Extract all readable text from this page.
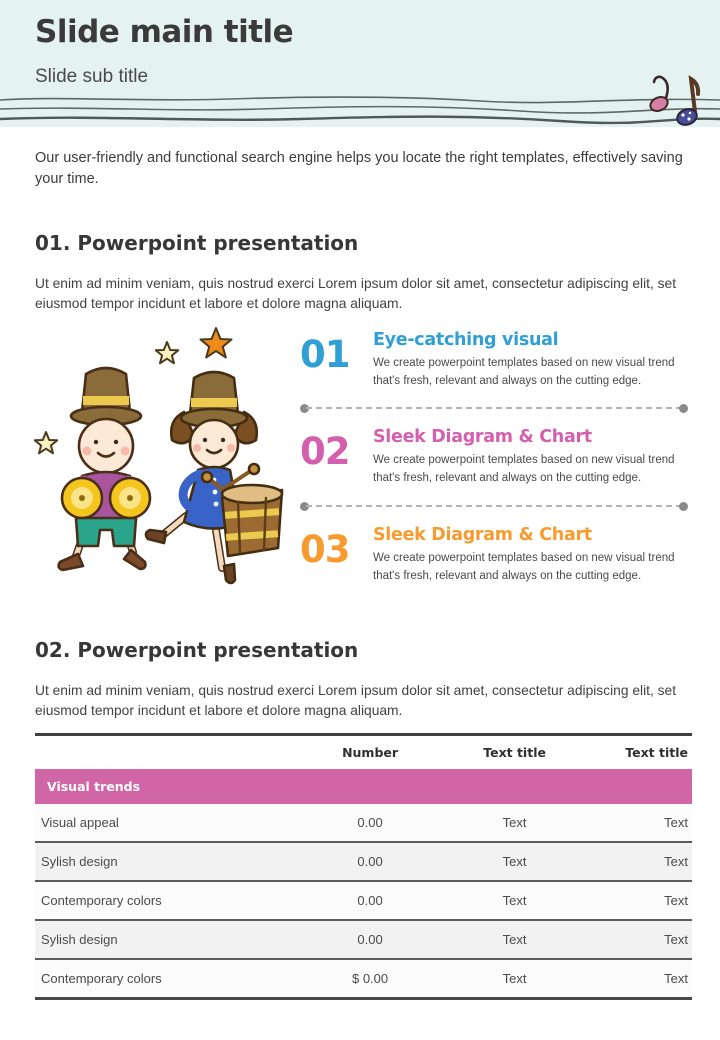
Slide main title
Slide sub title

Our user-friendly and functional search engine helps you locate the right templates, effectively saving your time.

01. Powerpoint presentation

Ut enim ad minim veniam, quis nostrud exerci Lorem ipsum dolor sit amet, consectetur adipiscing elit, set eiusmod tempor incidunt et labore et dolore magna aliquam.

01	Eye-catching visual
We create powerpoint templates based on new visual trend that's fresh, relevant and always on the cutting edge.
02	Sleek Diagram & Chart
We create powerpoint templates based on new visual trend that's fresh, relevant and always on the cutting edge.
03	Sleek Diagram & Chart
We create powerpoint templates based on new visual trend that's fresh, relevant and always on the cutting edge.
02. Powerpoint presentation

Ut enim ad minim veniam, quis nostrud exerci Lorem ipsum dolor sit amet, consectetur adipiscing elit, set eiusmod tempor incidunt et labore et dolore magna aliquam.

	Number	Text title	Text title
Visual trends			
Visual appeal	0.00	Text	Text
Sylish design	0.00	Text	Text
Contemporary colors	0.00	Text	Text
Sylish design	0.00	Text	Text
Contemporary colors	$ 0.00	Text	Text
